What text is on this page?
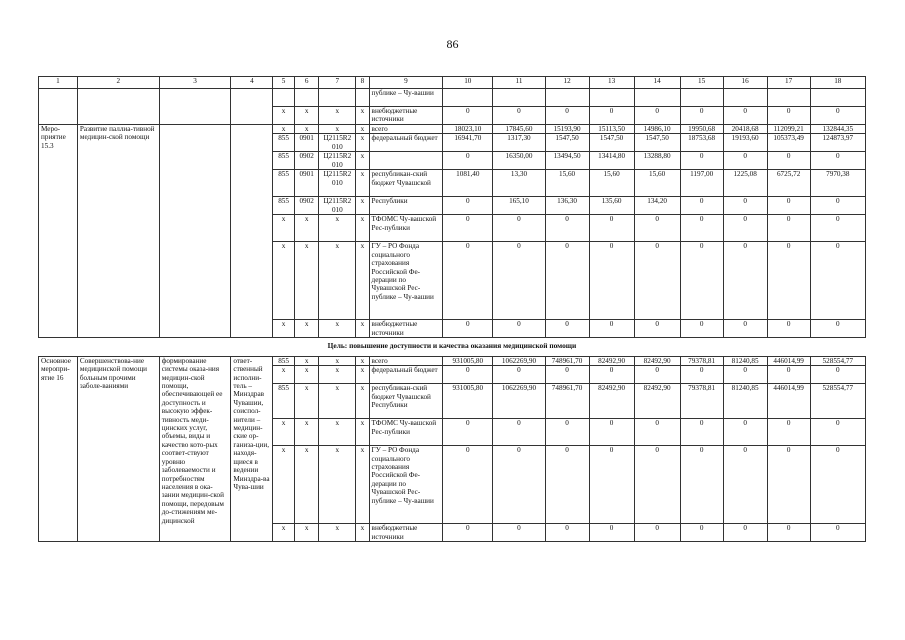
86
1	2	3	4	5	6	7	8	9	10	11	12	13	14	15	16	17	18
								публике – Чу-вашии									
				x	x	x	x	внебюджетные источники	0	0	0	0	0	0	0	0	0
Меро-приятие 15.3	Развитие паллиа-тивной медицин-ской помощи			x	x	x	x	всего	18023,10	17845,60	15193,90	15113,50	14986,10	19950,68	20418,68	112099,21	132844,35
				855	0901	Ц2115R2 010	x	федеральный бюджет	16941,70	1317,30	1547,50	1547,50	1547,50	18753,68	19193,60	105373,49	124873,97
				855	0902	Ц2115R2 010	x		0	16350,00	13494,50	13414,80	13288,80	0	0	0	0
				855	0901	Ц2115R2 010	x	республикан-ский бюджет Чувашской	1081,40	13,30	15,60	15,60	15,60	1197,00	1225,08	6725,72	7970,38
				855	0902	Ц2115R2 010	x	Республики	0	165,10	136,30	135,60	134,20	0	0	0	0
				x	x	x	x	ТФОМС Чу-вашской Рес-публики	0	0	0	0	0	0	0	0	0
				x	x	x	x	ГУ – РО Фонда социального страхования Российской Фе-дерации по Чувашской Рес-публике – Чу-вашии	0	0	0	0	0	0	0	0	0
				x	x	x	x	внебюджетные источники	0	0	0	0	0	0	0	0	0
Цель: повышение доступности и качества оказания медицинской помощи																	
Основное меропри-ятие 16	Совершенствова-ние медицинской помощи больным прочими заболе-ваниями	формирование системы оказа-ния медицин-ской помощи, обеспечивающей ее доступность и высокую эффек-тивность меди-цинских услуг, объемы, виды и качество кото-рых соответ-ствуют уровню заболеваемости и потребностям населения в ока-зании медицин-ской помощи, передовым до-стижениям ме-дицинской	ответ-ственный исполни-тель – Минздрав Чувашии, соиспол-нители – медицин-ские ор-ганиза-ции, находя-щиеся в ведении Минздра-ва Чува-шии	855	x	x	x	всего	931005,80	1062269,90	748961,70	82492,90	82492,90	79378,81	81240,85	446014,99	528554,77
				x	x	x	x	федеральный бюджет	0	0	0	0	0	0	0	0	0
				855	x	x	x	республикан-ский бюджет Чувашской Республики	931005,80	1062269,90	748961,70	82492,90	82492,90	79378,81	81240,85	446014,99	528554,77
				x	x	x	x	ТФОМС Чу-вашской Рес-публики	0	0	0	0	0	0	0	0	0
				x	x	x	x	ГУ – РО Фонда социального страхования Российской Фе-дерации по Чувашской Рес-публике – Чу-вашии	0	0	0	0	0	0	0	0	0
				x	x	x	x	внебюджетные источники	0	0	0	0	0	0	0	0	0
